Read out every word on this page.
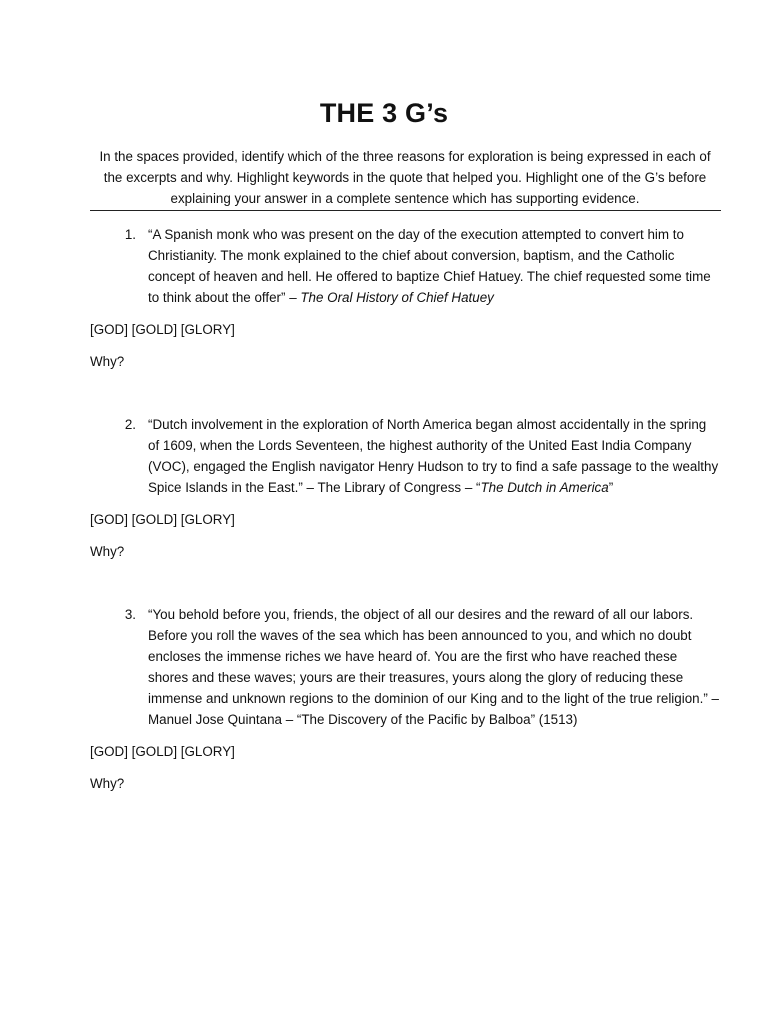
THE 3 G’s
In the spaces provided, identify which of the three reasons for exploration is being expressed in each of the excerpts and why. Highlight keywords in the quote that helped you. Highlight one of the G’s before explaining your answer in a complete sentence which has supporting evidence.
1. “A Spanish monk who was present on the day of the execution attempted to convert him to Christianity. The monk explained to the chief about conversion, baptism, and the Catholic concept of heaven and hell. He offered to baptize Chief Hatuey. The chief requested some time to think about the offer” – The Oral History of Chief Hatuey
[GOD] [GOLD] [GLORY]
Why?
2. “Dutch involvement in the exploration of North America began almost accidentally in the spring of 1609, when the Lords Seventeen, the highest authority of the United East India Company (VOC), engaged the English navigator Henry Hudson to try to find a safe passage to the wealthy Spice Islands in the East.” – The Library of Congress – “The Dutch in America”
[GOD] [GOLD] [GLORY]
Why?
3. “You behold before you, friends, the object of all our desires and the reward of all our labors. Before you roll the waves of the sea which has been announced to you, and which no doubt encloses the immense riches we have heard of. You are the first who have reached these shores and these waves; yours are their treasures, yours along the glory of reducing these immense and unknown regions to the dominion of our King and to the light of the true religion.” – Manuel Jose Quintana – “The Discovery of the Pacific by Balboa” (1513)
[GOD] [GOLD] [GLORY]
Why?
